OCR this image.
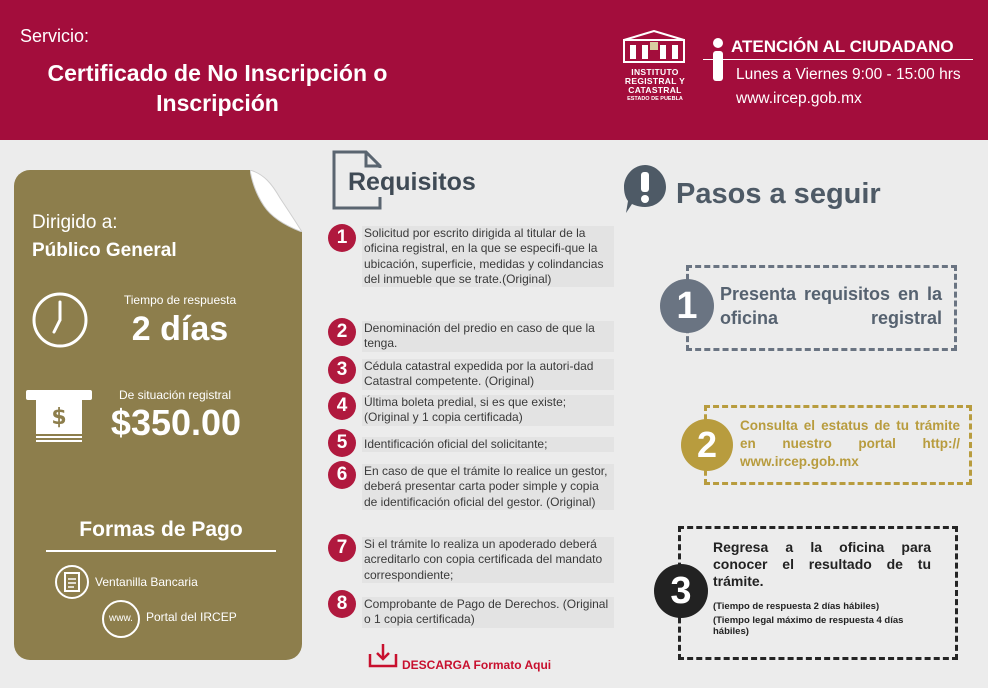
Servicio:
Certificado de No Inscripción o Inscripción
INSTITUTO
REGISTRAL Y
CATASTRAL
ESTADO DE PUEBLA
ATENCIÓN AL CIUDADANO
Lunes a Viernes 9:00 - 15:00 hrs
www.ircep.gob.mx
Dirigido a:
Público General
Tiempo de respuesta
2 días
$
De situación registral
$350.00
Formas de Pago
Ventanilla Bancaria
www.	Portal del IRCEP
Requisitos
1	Solicitud por escrito dirigida al titular de la oficina registral, en la que se especifi-que la ubicación, superficie, medidas y colindancias del inmueble que se trate.(Original)
2	Denominación del predio en caso de que la tenga.
3	Cédula catastral expedida por la autori-dad Catastral competente. (Original)
4	Última boleta predial, si es que existe; (Original y 1 copia certificada)
5	Identificación oficial del solicitante;
6	En caso de que el trámite lo realice un gestor, deberá presentar carta poder simple y copia de identificación oficial del gestor. (Original)
7	Si el trámite lo realiza un apoderado deberá acreditarlo con copia certificada del mandato correspondiente;
8	Comprobante de Pago de Derechos. (Original o 1 copia certificada)
DESCARGA Formato Aqui
Pasos a seguir
1	Presenta requisitos en la oficina registral
2	Consulta el estatus de tu trámite en nuestro portal http:// www.ircep.gob.mx
3
Regresa a la oficina para conocer el resultado de tu trámite.
(Tiempo de respuesta 2 días hábiles)
(Tiempo legal máximo de respuesta 4 días hábiles)
